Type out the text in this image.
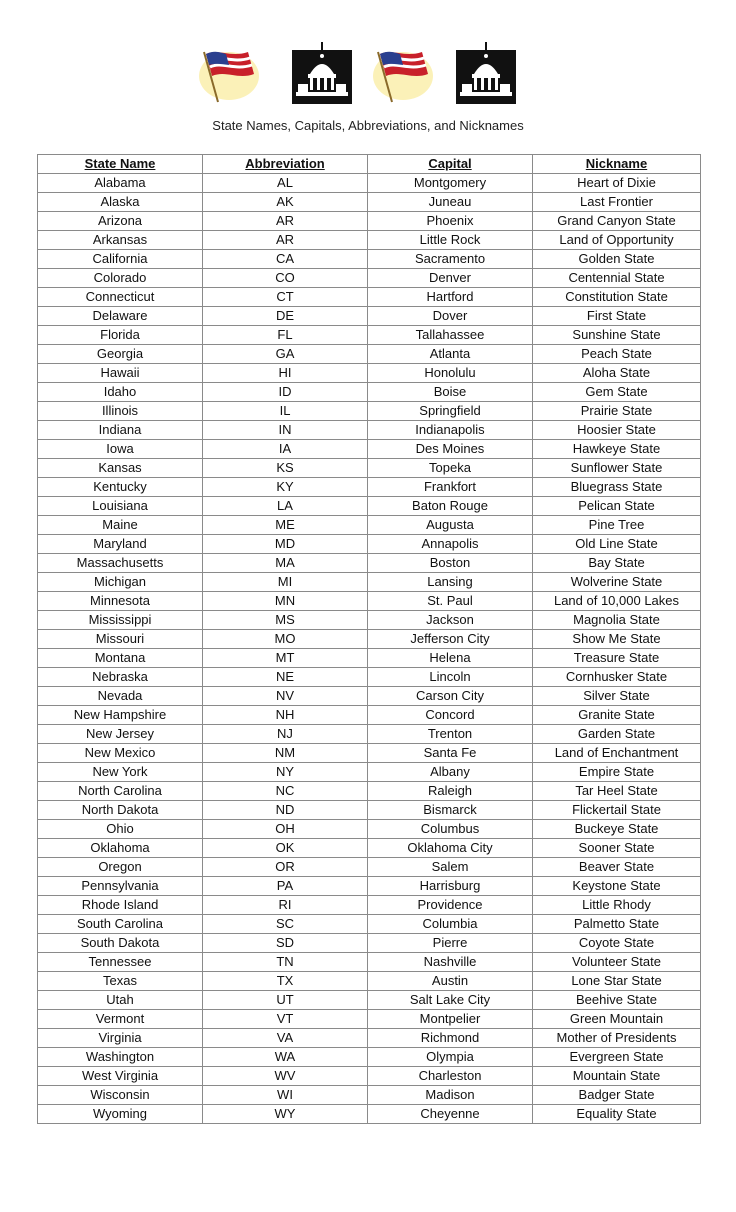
State Names, Capitals, Abbreviations, and Nicknames
State Name	Abbreviation	Capital	Nickname
Alabama	AL	Montgomery	Heart of Dixie
Alaska	AK	Juneau	Last Frontier
Arizona	AR	Phoenix	Grand Canyon State
Arkansas	AR	Little Rock	Land of Opportunity
California	CA	Sacramento	Golden State
Colorado	CO	Denver	Centennial State
Connecticut	CT	Hartford	Constitution State
Delaware	DE	Dover	First State
Florida	FL	Tallahassee	Sunshine State
Georgia	GA	Atlanta	Peach State
Hawaii	HI	Honolulu	Aloha State
Idaho	ID	Boise	Gem State
Illinois	IL	Springfield	Prairie State
Indiana	IN	Indianapolis	Hoosier State
Iowa	IA	Des Moines	Hawkeye State
Kansas	KS	Topeka	Sunflower State
Kentucky	KY	Frankfort	Bluegrass State
Louisiana	LA	Baton Rouge	Pelican State
Maine	ME	Augusta	Pine Tree
Maryland	MD	Annapolis	Old Line State
Massachusetts	MA	Boston	Bay State
Michigan	MI	Lansing	Wolverine State
Minnesota	MN	St. Paul	Land of 10,000 Lakes
Mississippi	MS	Jackson	Magnolia State
Missouri	MO	Jefferson City	Show Me State
Montana	MT	Helena	Treasure State
Nebraska	NE	Lincoln	Cornhusker State
Nevada	NV	Carson City	Silver State
New Hampshire	NH	Concord	Granite State
New Jersey	NJ	Trenton	Garden State
New Mexico	NM	Santa Fe	Land of Enchantment
New York	NY	Albany	Empire State
North Carolina	NC	Raleigh	Tar Heel State
North Dakota	ND	Bismarck	Flickertail State
Ohio	OH	Columbus	Buckeye State
Oklahoma	OK	Oklahoma City	Sooner State
Oregon	OR	Salem	Beaver State
Pennsylvania	PA	Harrisburg	Keystone State
Rhode Island	RI	Providence	Little Rhody
South Carolina	SC	Columbia	Palmetto State
South Dakota	SD	Pierre	Coyote State
Tennessee	TN	Nashville	Volunteer State
Texas	TX	Austin	Lone Star State
Utah	UT	Salt Lake City	Beehive State
Vermont	VT	Montpelier	Green Mountain
Virginia	VA	Richmond	Mother of Presidents
Washington	WA	Olympia	Evergreen State
West Virginia	WV	Charleston	Mountain State
Wisconsin	WI	Madison	Badger State
Wyoming	WY	Cheyenne	Equality State
